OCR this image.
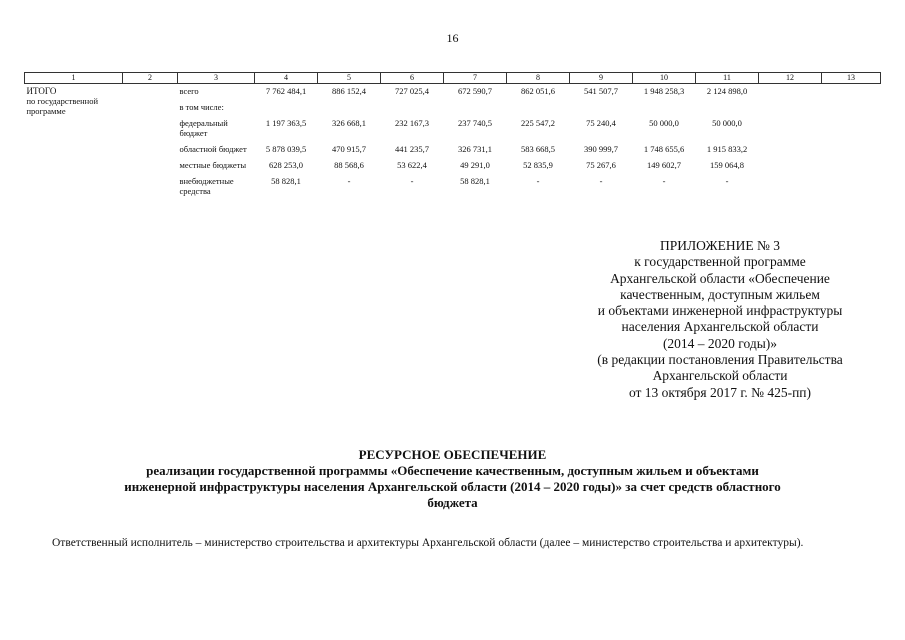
16
1	2	3	4	5	6	7	8	9	10	11	12	13

ИТОГО
по государственной
программе		всего	7 762 484,1	886 152,4	727 025,4	672 590,7	862 051,6	541 507,7	1 948 258,3	2 124 898,0		
		в том числе:										
		федеральный бюджет	1 197 363,5	326 668,1	232 167,3	237 740,5	225 547,2	75 240,4	50 000,0	50 000,0		
		областной бюджет	5 878 039,5	470 915,7	441 235,7	326 731,1	583 668,5	390 999,7	1 748 655,6	1 915 833,2		
		местные бюджеты	628 253,0	88 568,6	53 622,4	49 291,0	52 835,9	75 267,6	149 602,7	159 064,8		
		внебюджетные средства	58 828,1	-	-	58 828,1	-	-	-	-		
ПРИЛОЖЕНИЕ № 3
к государственной программе
Архангельской области «Обеспечение
качественным, доступным жильем
и объектами инженерной инфраструктуры
населения Архангельской области
(2014 – 2020 годы)»
(в редакции постановления Правительства
Архангельской области
от 13 октября 2017 г. № 425-пп)
РЕСУРСНОЕ ОБЕСПЕЧЕНИЕ
реализации государственной программы «Обеспечение качественным, доступным жильем и объектами
инженерной инфраструктуры населения Архангельской области (2014 – 2020 годы)» за счет средств областного
бюджета
Ответственный исполнитель – министерство строительства и архитектуры Архангельской области (далее – министерство строительства и архитектуры).
